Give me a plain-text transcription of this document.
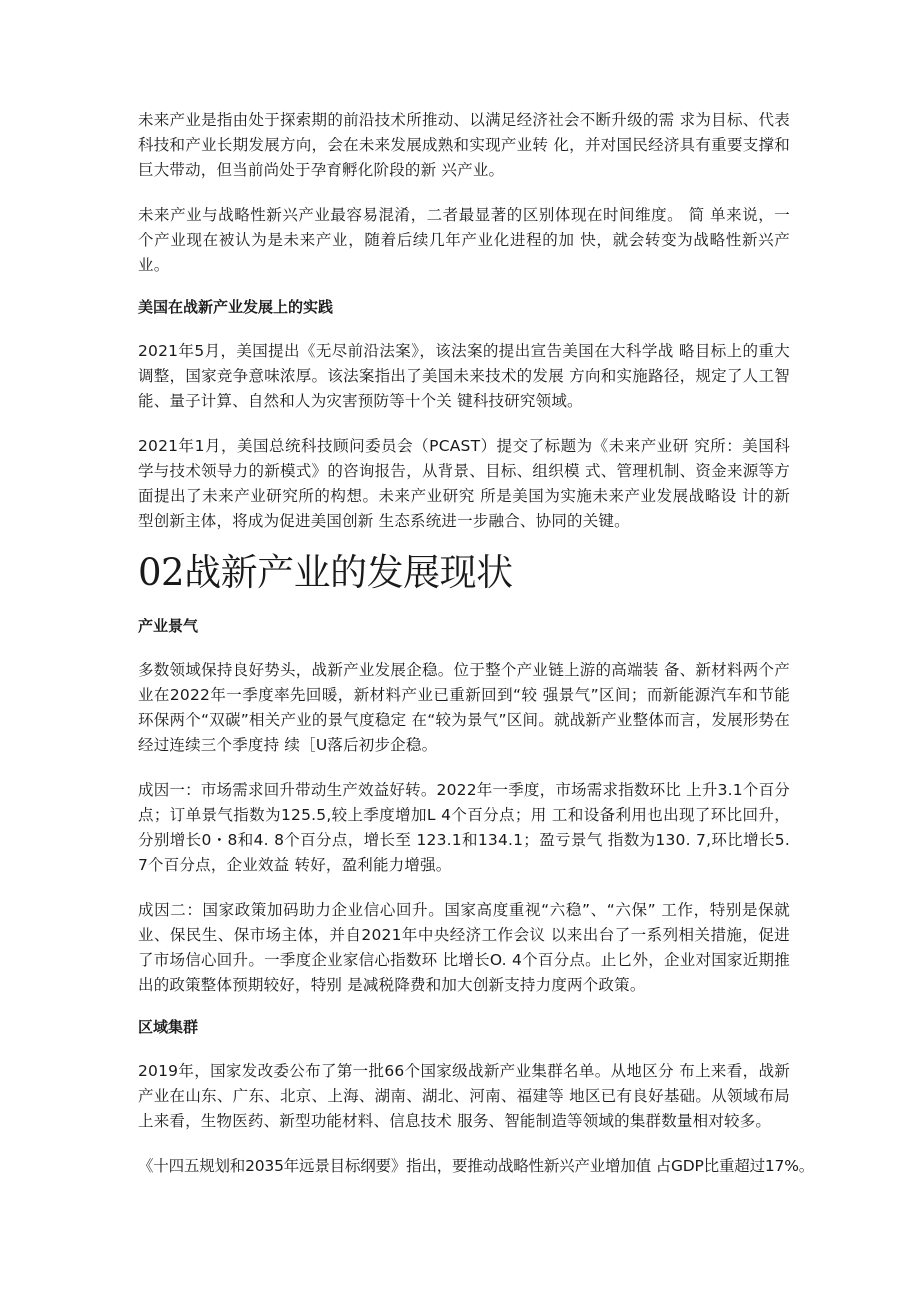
未来产业是指由处于探索期的前沿技术所推动、以满足经济社会不断升级的需 求为目标、代表科技和产业长期发展方向，会在未来发展成熟和实现产业转 化，并对国民经济具有重要支撑和巨大带动，但当前尚处于孕育孵化阶段的新 兴产业。

未来产业与战略性新兴产业最容易混淆，二者最显著的区别体现在时间维度。 简 单来说，一个产业现在被认为是未来产业，随着后续几年产业化进程的加 快，就会转变为战略性新兴产业。

美国在战新产业发展上的实践

2021年5月，美国提出《无尽前沿法案》，该法案的提出宣告美国在大科学战 略目标上的重大调整，国家竞争意味浓厚。该法案指出了美国未来技术的发展 方向和实施路径，规定了人工智能、量子计算、自然和人为灾害预防等十个关 键科技研究领域。

2021年1月，美国总统科技顾问委员会（PCAST）提交了标题为《未来产业研 究所：美国科学与技术领导力的新模式》的咨询报告，从背景、目标、组织模 式、管理机制、资金来源等方面提出了未来产业研究所的构想。未来产业研究 所是美国为实施未来产业发展战略设 计的新型创新主体，将成为促进美国创新 生态系统进一步融合、协同的关键。

02战新产业的发展现状
产业景气

多数领域保持良好势头，战新产业发展企稳。位于整个产业链上游的高端装 备、新材料两个产业在2022年一季度率先回暖，新材料产业已重新回到“较 强景气”区间；而新能源汽车和节能环保两个“双碳”相关产业的景气度稳定 在“较为景气”区间。就战新产业整体而言，发展形势在经过连续三个季度持 续［U落后初步企稳。

成因一：市场需求回升带动生产效益好转。2022年一季度，市场需求指数环比 上升3.1个百分点；订单景气指数为125.5,较上季度增加L 4个百分点；用 工和设备利用也出现了环比回升，分别增长0・8和4. 8个百分点，增长至 123.1和134.1；盈亏景气 指数为130. 7,环比增长5. 7个百分点，企业效益 转好，盈利能力增强。

成因二：国家政策加码助力企业信心回升。国家高度重视“六稳”、“六保” 工作，特别是保就业、保民生、保市场主体，并自2021年中央经济工作会议 以来出台了一系列相关措施，促进了市场信心回升。一季度企业家信心指数环 比增长O. 4个百分点。止匕外，企业对国家近期推出的政策整体预期较好，特别 是减税降费和加大创新支持力度两个政策。

区域集群

2019年，国家发改委公布了第一批66个国家级战新产业集群名单。从地区分 布上来看，战新产业在山东、广东、北京、上海、湖南、湖北、河南、福建等 地区已有良好基础。从领域布局上来看，生物医药、新型功能材料、信息技术 服务、智能制造等领域的集群数量相对较多。

《十四五规划和2035年远景目标纲要》指出，要推动战略性新兴产业增加值 占GDP比重超过17%。
